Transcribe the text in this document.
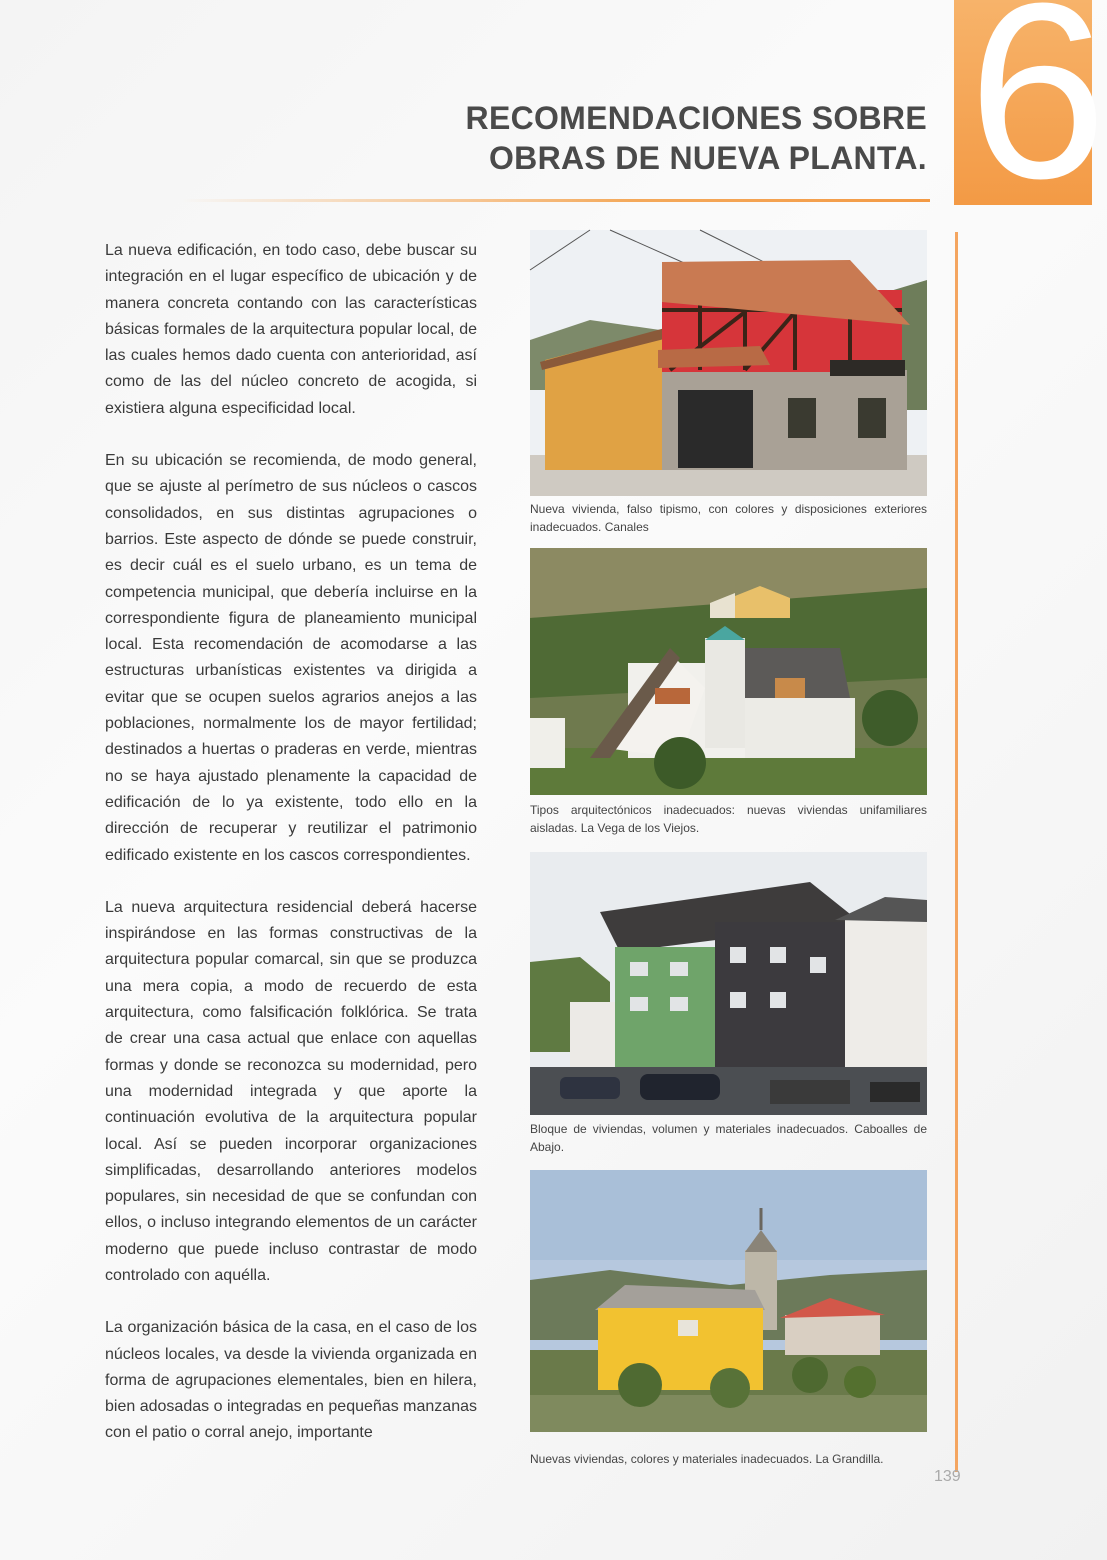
6
RECOMENDACIONES SOBRE
OBRAS DE NUEVA PLANTA.

La nueva edificación, en todo caso, debe buscar su integración en el lugar específico de ubicación y de manera concreta contando con las características básicas formales de la arquitectura popular local, de las cuales hemos dado cuenta con anterioridad, así como de las del núcleo concreto de acogida, si existiera alguna especificidad local.

En su ubicación se recomienda, de modo general, que se ajuste al perímetro de sus núcleos o cascos consolidados, en sus distintas agrupaciones o barrios. Este aspecto de dónde se puede construir, es decir cuál es el suelo urbano, es un tema de competencia municipal, que debería incluirse en la correspondiente figura de planeamiento municipal local. Esta recomendación de acomodarse a las estructuras urbanísticas existentes va dirigida a evitar que se ocupen suelos agrarios anejos a las poblaciones, normalmente los de mayor fertilidad; destinados a huertas o praderas en verde, mientras no se haya ajustado plenamente la capacidad de edificación de lo ya existente, todo ello en la dirección de recuperar y reutilizar el patrimonio edificado existente en los cascos correspondientes.

La nueva arquitectura residencial deberá hacerse inspirándose en las formas constructivas de la arquitectura popular comarcal, sin que se produzca una mera copia, a modo de recuerdo de esta arquitectura, como falsificación folklórica. Se trata de crear una casa actual que enlace con aquellas formas y donde se reconozca su modernidad, pero una modernidad integrada y que aporte la continuación evolutiva de la arquitectura popular local. Así se pueden incorporar organizaciones simplificadas, desarrollando anteriores modelos populares, sin necesidad de que se confundan con ellos, o incluso integrando elementos de un carácter moderno que puede incluso contrastar de modo controlado con aquélla.

La organización básica de la casa, en el caso de los núcleos locales, va desde la vivienda organizada en forma de agrupaciones elementales, bien en hilera, bien adosadas o integradas en pequeñas manzanas con el patio o corral anejo, importante

Nueva vivienda, falso tipismo, con colores y disposiciones exteriores inadecuados. Canales
Tipos arquitectónicos inadecuados: nuevas viviendas unifamiliares aisladas. La Vega de los Viejos.
Bloque de viviendas, volumen y materiales inadecuados. Caboalles de Abajo.
Nuevas viviendas, colores y materiales inadecuados. La Grandilla.
139
